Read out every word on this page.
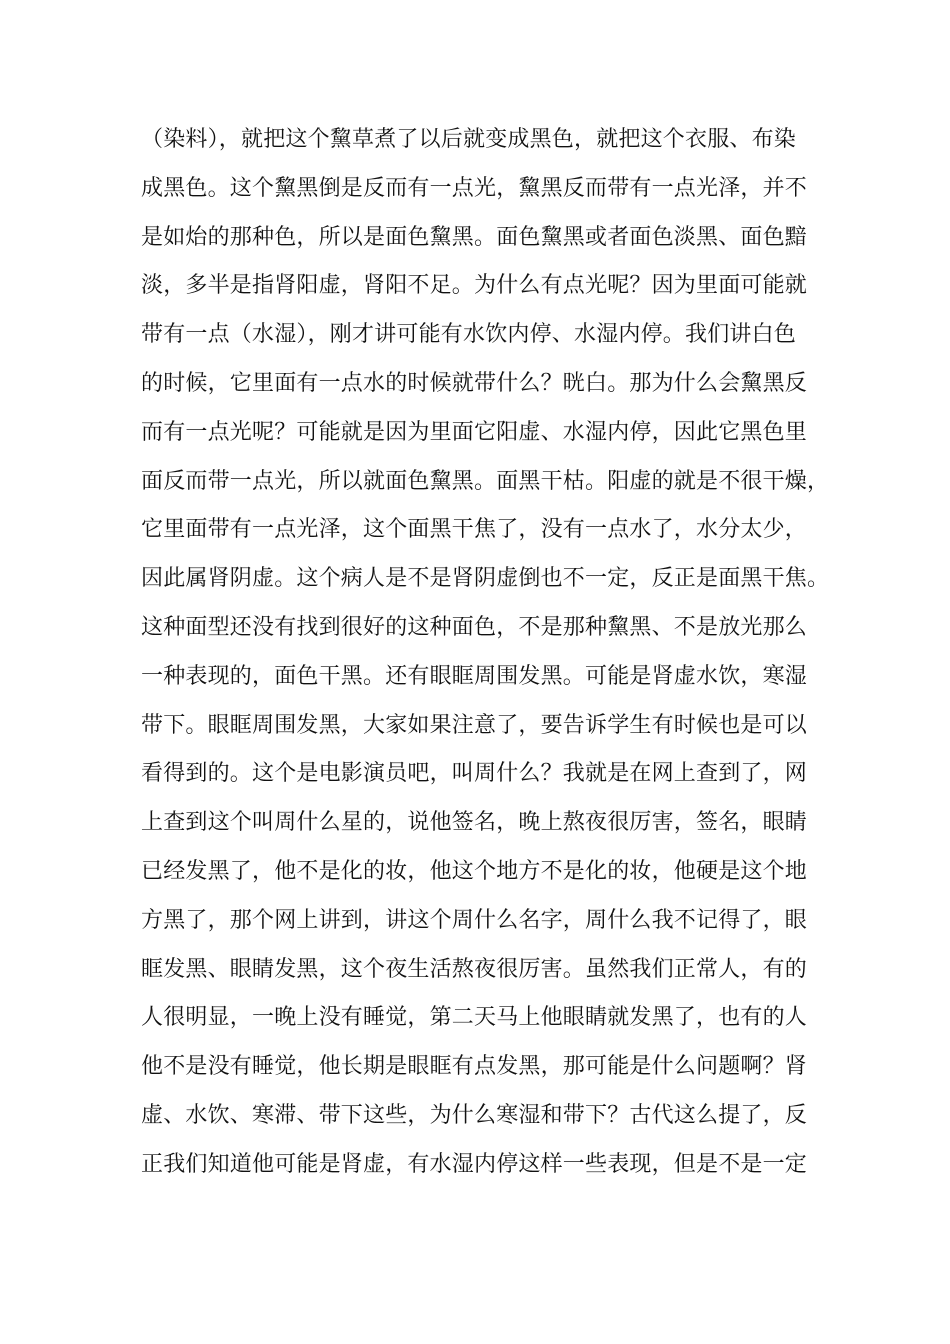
（染料），就把这个黧草煮了以后就变成黑色，就把这个衣服、布染
成黑色。这个黧黑倒是反而有一点光，黧黑反而带有一点光泽，并不
是如炲的那种色，所以是面色黧黑。面色黧黑或者面色淡黑、面色黯
淡，多半是指肾阳虚，肾阳不足。为什么有点光呢？因为里面可能就
带有一点（水湿），刚才讲可能有水饮内停、水湿内停。我们讲白色
的时候，它里面有一点水的时候就带什么？晄白。那为什么会黧黑反
而有一点光呢？可能就是因为里面它阳虚、水湿内停，因此它黑色里
面反而带一点光，所以就面色黧黑。面黑干枯。阳虚的就是不很干燥，
它里面带有一点光泽，这个面黑干焦了，没有一点水了，水分太少，
因此属肾阴虚。这个病人是不是肾阴虚倒也不一定，反正是面黑干焦。
这种面型还没有找到很好的这种面色，不是那种黧黑、不是放光那么
一种表现的，面色干黑。还有眼眶周围发黑。可能是肾虚水饮，寒湿
带下。眼眶周围发黑，大家如果注意了，要告诉学生有时候也是可以
看得到的。这个是电影演员吧，叫周什么？我就是在网上查到了，网
上查到这个叫周什么星的，说他签名，晚上熬夜很厉害，签名，眼睛
已经发黑了，他不是化的妆，他这个地方不是化的妆，他硬是这个地
方黑了，那个网上讲到，讲这个周什么名字，周什么我不记得了，眼
眶发黑、眼睛发黑，这个夜生活熬夜很厉害。虽然我们正常人，有的
人很明显，一晚上没有睡觉，第二天马上他眼睛就发黑了，也有的人
他不是没有睡觉，他长期是眼眶有点发黑，那可能是什么问题啊？肾
虚、水饮、寒滞、带下这些，为什么寒湿和带下？古代这么提了，反
正我们知道他可能是肾虚，有水湿内停这样一些表现，但是不是一定
